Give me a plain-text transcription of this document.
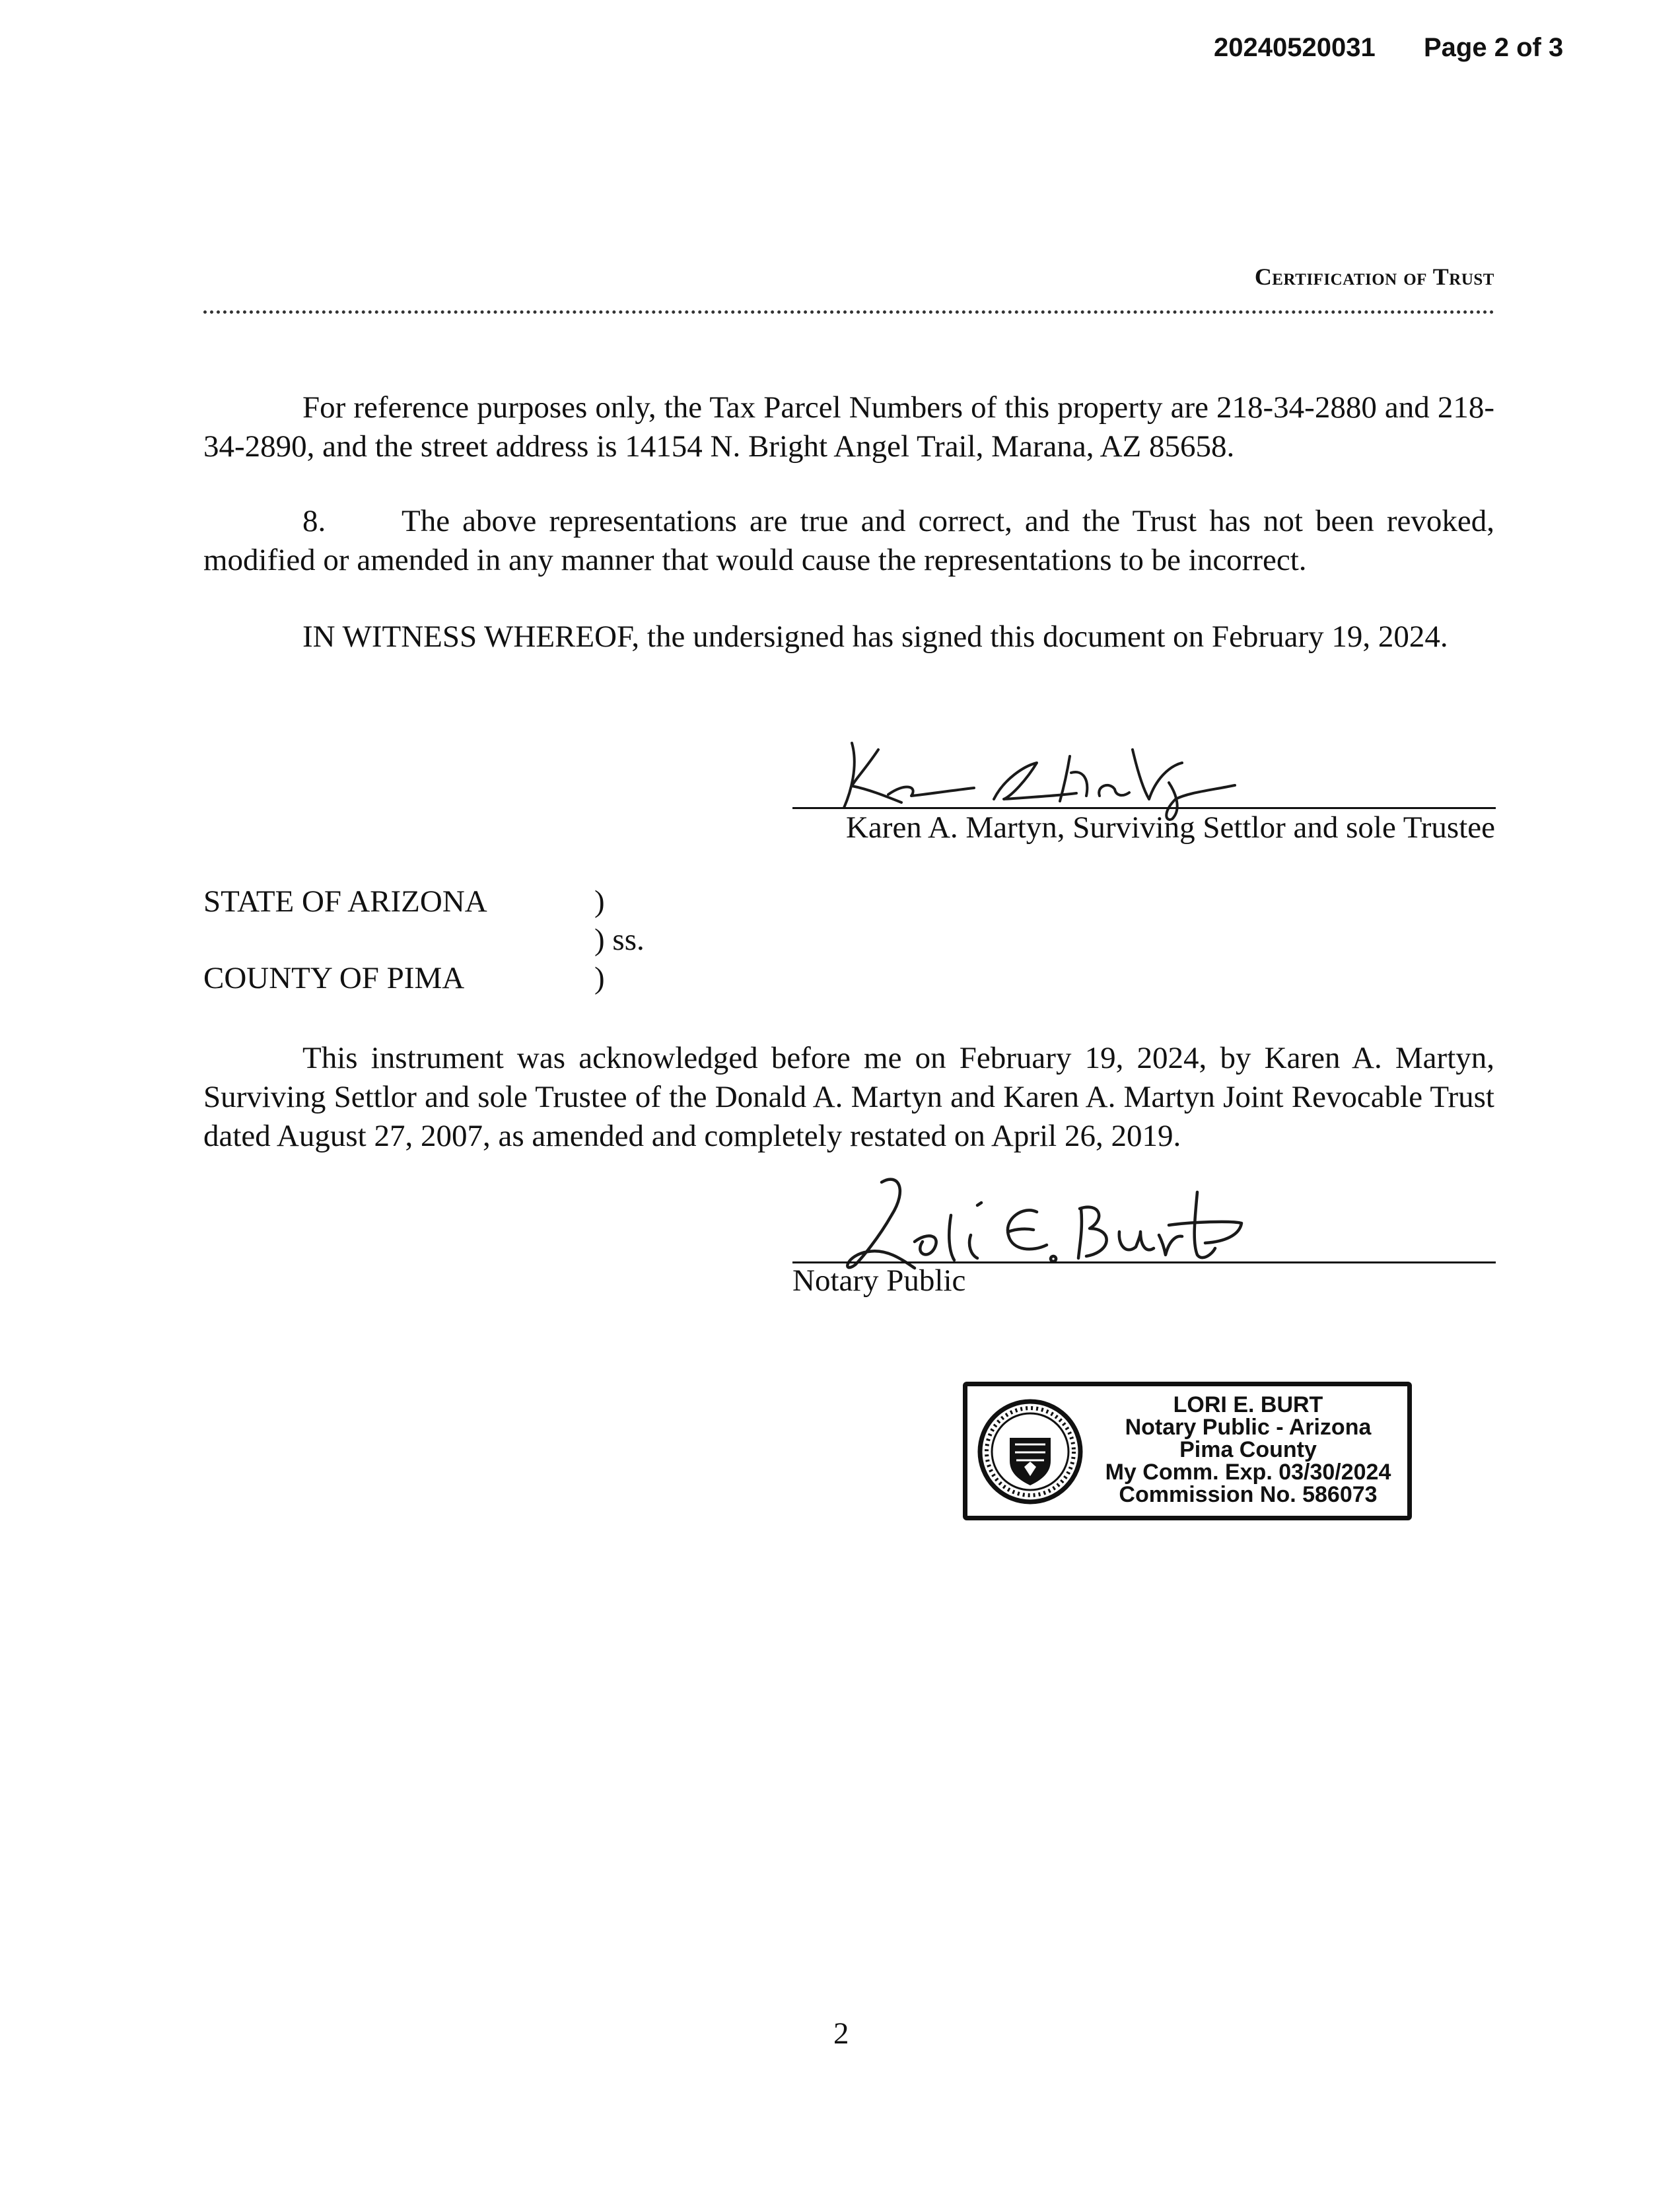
20240520031 Page 2 of 3
Certification of Trust
For reference purposes only, the Tax Parcel Numbers of this property are 218-34-2880 and 218-34-2890, and the street address is 14154 N. Bright Angel Trail, Marana, AZ 85658.
8. The above representations are true and correct, and the Trust has not been revoked, modified or amended in any manner that would cause the representations to be incorrect.
IN WITNESS WHEREOF, the undersigned has signed this document on February 19, 2024.
Karen A. Martyn, Surviving Settlor and sole Trustee
STATE OF ARIZONA	)
) ss.
COUNTY OF PIMA	)
This instrument was acknowledged before me on February 19, 2024, by Karen A. Martyn, Surviving Settlor and sole Trustee of the Donald A. Martyn and Karen A. Martyn Joint Revocable Trust dated August 27, 2007, as amended and completely restated on April 26, 2019.
Notary Public
LORI E. BURT
Notary Public - Arizona
Pima County
My Comm. Exp. 03/30/2024
Commission No. 586073
2
